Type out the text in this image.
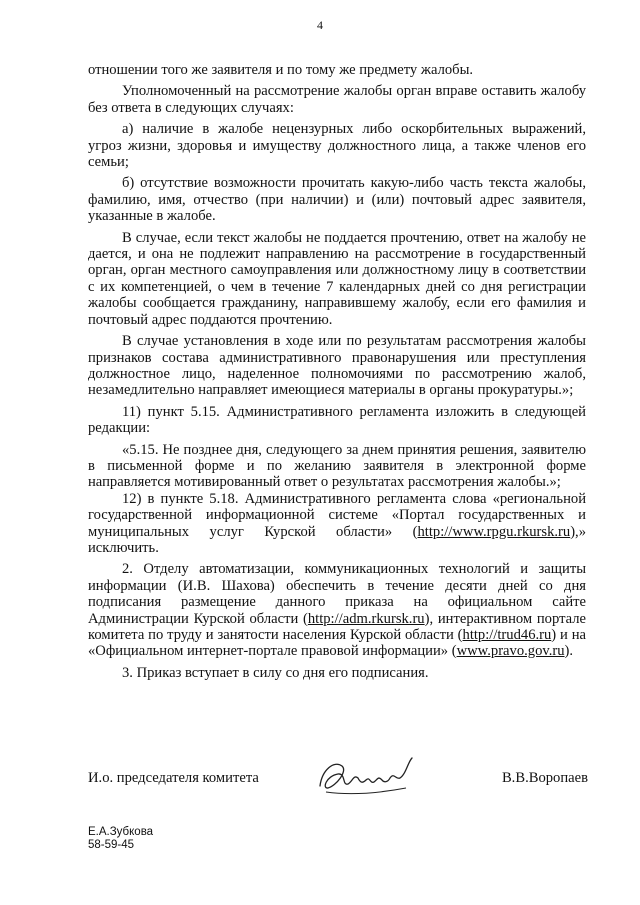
4

отношении того же заявителя и по тому же предмету жалобы.

Уполномоченный на рассмотрение жалобы орган вправе оставить жалобу без ответа в следующих случаях:

а) наличие в жалобе нецензурных либо оскорбительных выражений, угроз жизни, здоровья и имуществу должностного лица, а также членов его семьи;

б) отсутствие возможности прочитать какую-либо часть текста жалобы, фамилию, имя, отчество (при наличии) и (или) почтовый адрес заявителя, указанные в жалобе.

В случае, если текст жалобы не поддается прочтению, ответ на жалобу не дается, и она не подлежит направлению на рассмотрение в государственный орган, орган местного самоуправления или должностному лицу в соответствии с их компетенцией, о чем в течение 7 календарных дней со дня регистрации жалобы сообщается гражданину, направившему жалобу, если его фамилия и почтовый адрес поддаются прочтению.

В случае установления в ходе или по результатам рассмотрения жалобы признаков состава административного правонарушения или преступления должностное лицо, наделенное полномочиями по рассмотрению жалоб, незамедлительно направляет имеющиеся материалы в органы прокуратуры.»;

11) пункт 5.15. Административного регламента изложить в следующей редакции:

«5.15. Не позднее дня, следующего за днем принятия решения, заявителю в письменной форме и по желанию заявителя в электронной форме направляется мотивированный ответ о результатах рассмотрения жалобы.»;

12) в пункте 5.18. Административного регламента слова «региональной государственной информационной системе «Портал государственных и муниципальных услуг Курской области» (http://www.rpgu.rkursk.ru),» исключить.

2. Отделу автоматизации, коммуникационных технологий и защиты информации (И.В. Шахова) обеспечить в течение десяти дней со дня подписания размещение данного приказа на официальном сайте Администрации Курской области (http://adm.rkursk.ru), интерактивном портале комитета по труду и занятости населения Курской области (http://trud46.ru) и на «Официальном интернет-портале правовой информации» (www.pravo.gov.ru).

3. Приказ вступает в силу со дня его подписания.

И.о. председателя комитета	В.В.Воропаев
Е.А.Зубкова
58-59-45
